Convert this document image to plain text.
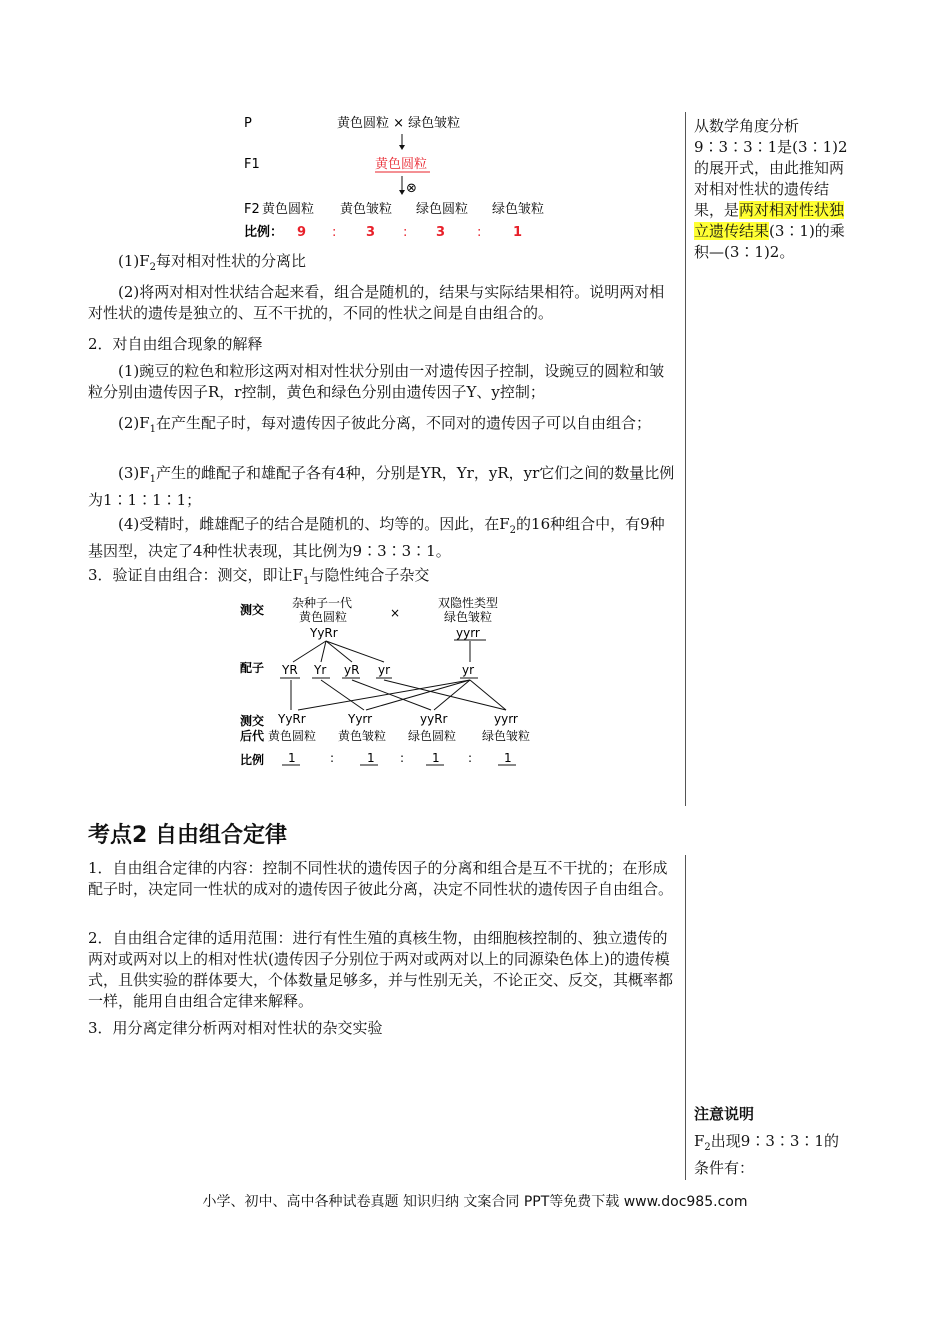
P	黄色圆粒 × 绿色皱粒
F1	黄色圆粒
⊗
F2 黄色圆粒 黄色皱粒 绿色圆粒 绿色皱粒
比例： 9 : 3 : 3 : 1
从数学角度分析
9∶3∶3∶1是(3∶1)2
的展开式，由此推知两
对相对性状的遗传结
果，是两对相对性状独
立遗传结果(3∶1)的乘
积—(3∶1)2。
$(1)F_2$每对相对性状的分离比
(2)将两对相对性状结合起来看，组合是随机的，结果与实际结果相符。说明两对相对性状的遗传是独立的、互不干扰的，不同的性状之间是自由组合的。
2．对自由组合现象的解释
(1)豌豆的粒色和粒形这两对相对性状分别由一对遗传因子控制，设豌豆的圆粒和皱粒分别由遗传因子R，r控制，黄色和绿色分别由遗传因子Y、y控制；
$(2)F_1$在产生配子时，每对遗传因子彼此分离，不同对的遗传因子可以自由组合；
$(3)F_1$产生的雌配子和雄配子各有4种，分别是YR，Yr，yR，yr它们之间的数量比例为1∶1∶1∶1；
(4)受精时，雌雄配子的结合是随机的、均等的。因此，在$F_2$的16种组合中，有9种基因型，决定了4种性状表现，其比例为9∶3∶3∶1。
3．验证自由组合：测交，即让$F_1$与隐性纯合子杂交
测交 杂种子一代
黄色圆粒
YyRr
×
双隐性类型
绿色皱粒
yyrr
配子 YR Yr yR yr	yr
测交
后代
YyRr	Yyrr	yyRr	yyrr
黄色圆粒 黄色皱粒 绿色圆粒 绿色皱粒
比例 1	:	1 : 1 :	1
考点2 自由组合定律
1．自由组合定律的内容：控制不同性状的遗传因子的分离和组合是互不干扰的；在形成配子时，决定同一性状的成对的遗传因子彼此分离，决定不同性状的遗传因子自由组合。
2．自由组合定律的适用范围：进行有性生殖的真核生物，由细胞核控制的、独立遗传的两对或两对以上的相对性状(遗传因子分别位于两对或两对以上的同源染色体上)的遗传模式，且供实验的群体要大，个体数量足够多，并与性别无关，不论正交、反交，其概率都一样，能用自由组合定律来解释。
3．用分离定律分析两对相对性状的杂交实验
注意说明
$F_2$出现9∶3∶3∶1的
条件有：
小学、初中、高中各种试卷真题 知识归纳 文案合同 PPT等免费下载 www.doc985.com
